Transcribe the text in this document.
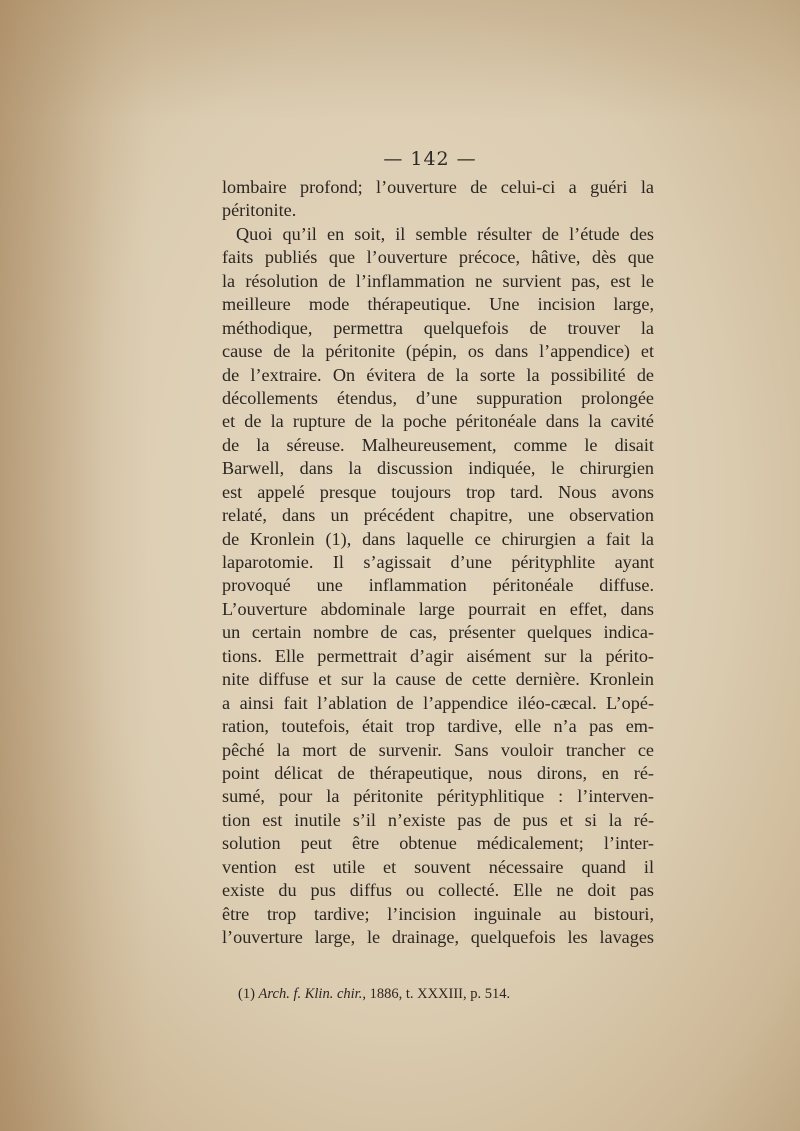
— 142 —
lombaire profond; l’ouverture de celui-ci a guéri la
péritonite.
Quoi qu’il en soit, il semble résulter de l’étude des
faits publiés que l’ouverture précoce, hâtive, dès que
la résolution de l’inflammation ne survient pas, est le
meilleure mode thérapeutique. Une incision large,
méthodique, permettra quelquefois de trouver la
cause de la péritonite (pépin, os dans l’appendice) et
de l’extraire. On évitera de la sorte la possibilité de
décollements étendus, d’une suppuration prolongée
et de la rupture de la poche péritonéale dans la cavité
de la séreuse. Malheureusement, comme le disait
Barwell, dans la discussion indiquée, le chirurgien
est appelé presque toujours trop tard. Nous avons
relaté, dans un précédent chapitre, une observation
de Kronlein (1), dans laquelle ce chirurgien a fait la
laparotomie. Il s’agissait d’une pérityphlite ayant
provoqué une inflammation péritonéale diffuse.
L’ouverture abdominale large pourrait en effet, dans
un certain nombre de cas, présenter quelques indica-
tions. Elle permettrait d’agir aisément sur la périto-
nite diffuse et sur la cause de cette dernière. Kronlein
a ainsi fait l’ablation de l’appendice iléo-cæcal. L’opé-
ration, toutefois, était trop tardive, elle n’a pas em-
pêché la mort de survenir. Sans vouloir trancher ce
point délicat de thérapeutique, nous dirons, en ré-
sumé, pour la péritonite pérityphlitique : l’interven-
tion est inutile s’il n’existe pas de pus et si la ré-
solution peut être obtenue médicalement; l’inter-
vention est utile et souvent nécessaire quand il
existe du pus diffus ou collecté. Elle ne doit pas
être trop tardive; l’incision inguinale au bistouri,
l’ouverture large, le drainage, quelquefois les lavages
(1) Arch. f. Klin. chir., 1886, t. XXXIII, p. 514.
